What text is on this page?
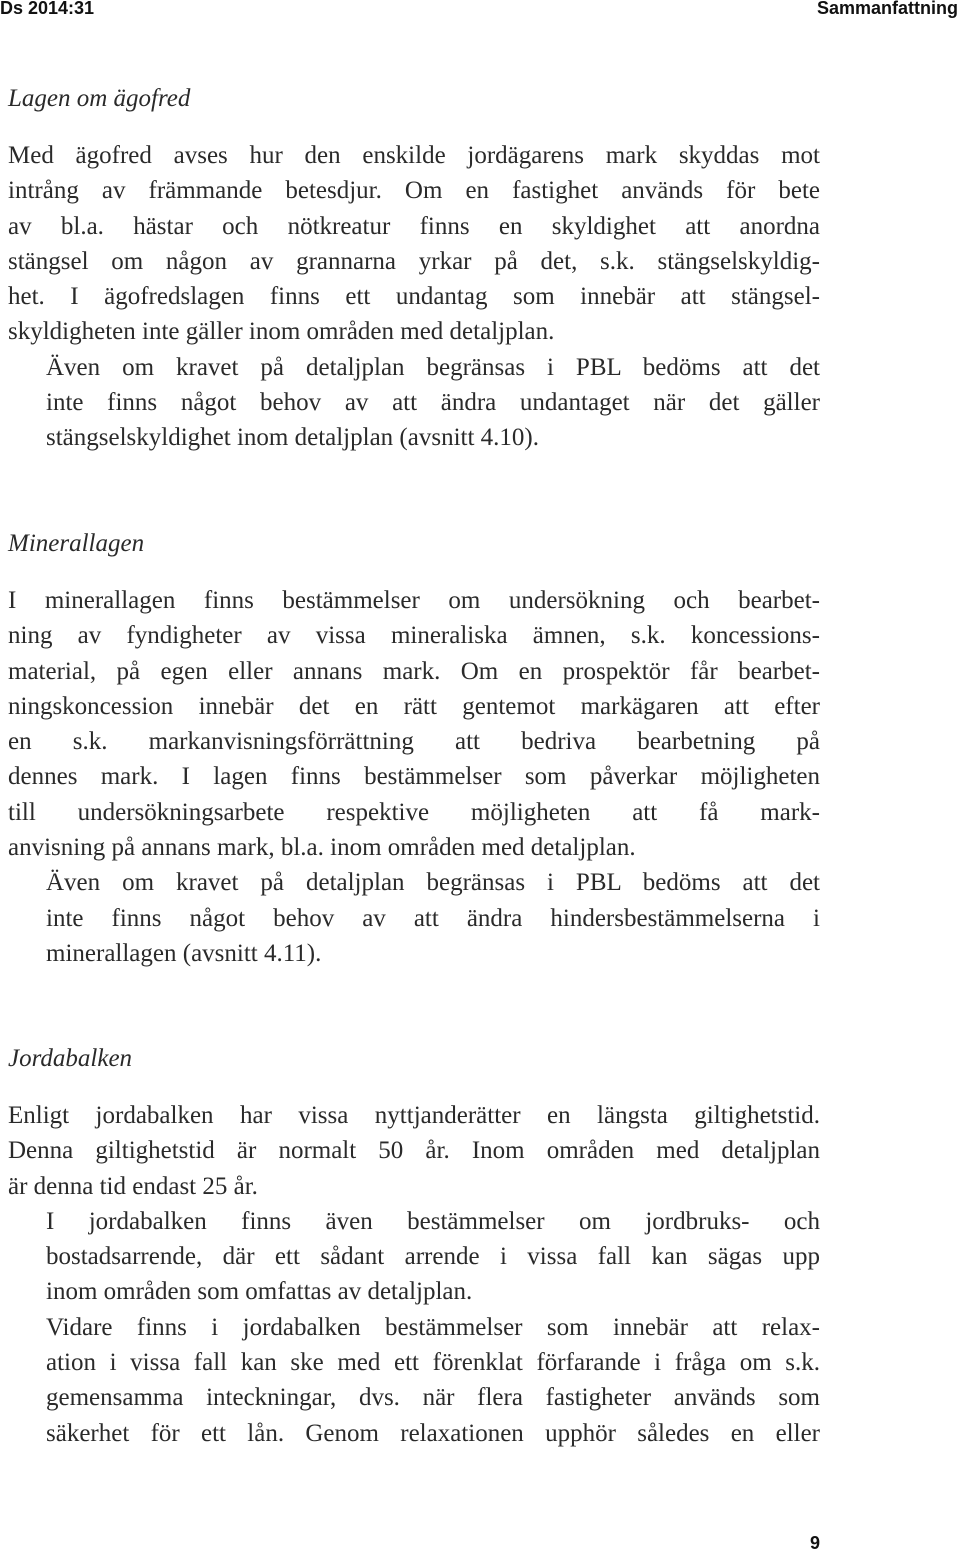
Ds 2014:31	Sammanfattning
Lagen om ägofred
Med ägofred avses hur den enskilde jordägarens mark skyddas mot
intrång av främmande betesdjur. Om en fastighet används för bete
av bl.a. hästar och nötkreatur finns en skyldighet att anordna
stängsel om någon av grannarna yrkar på det, s.k. stängselskyldig-
het. I ägofredslagen finns ett undantag som innebär att stängsel-
skyldigheten inte gäller inom områden med detaljplan.
Även om kravet på detaljplan begränsas i PBL bedöms att det
inte finns något behov av att ändra undantaget när det gäller
stängselskyldighet inom detaljplan (avsnitt 4.10).
Minerallagen
I minerallagen finns bestämmelser om undersökning och bearbet-
ning av fyndigheter av vissa mineraliska ämnen, s.k. koncessions-
material, på egen eller annans mark. Om en prospektör får bearbet-
ningskoncession innebär det en rätt gentemot markägaren att efter
en s.k. markanvisningsförrättning att bedriva bearbetning på
dennes mark. I lagen finns bestämmelser som påverkar möjligheten
till undersökningsarbete respektive möjligheten att få mark-
anvisning på annans mark, bl.a. inom områden med detaljplan.
Även om kravet på detaljplan begränsas i PBL bedöms att det
inte finns något behov av att ändra hindersbestämmelserna i
minerallagen (avsnitt 4.11).
Jordabalken
Enligt jordabalken har vissa nyttjanderätter en längsta giltighetstid.
Denna giltighetstid är normalt 50 år. Inom områden med detaljplan
är denna tid endast 25 år.
I jordabalken finns även bestämmelser om jordbruks- och
bostadsarrende, där ett sådant arrende i vissa fall kan sägas upp
inom områden som omfattas av detaljplan.
Vidare finns i jordabalken bestämmelser som innebär att relax-
ation i vissa fall kan ske med ett förenklat förfarande i fråga om s.k.
gemensamma inteckningar, dvs. när flera fastigheter används som
säkerhet för ett lån. Genom relaxationen upphör således en eller
9
